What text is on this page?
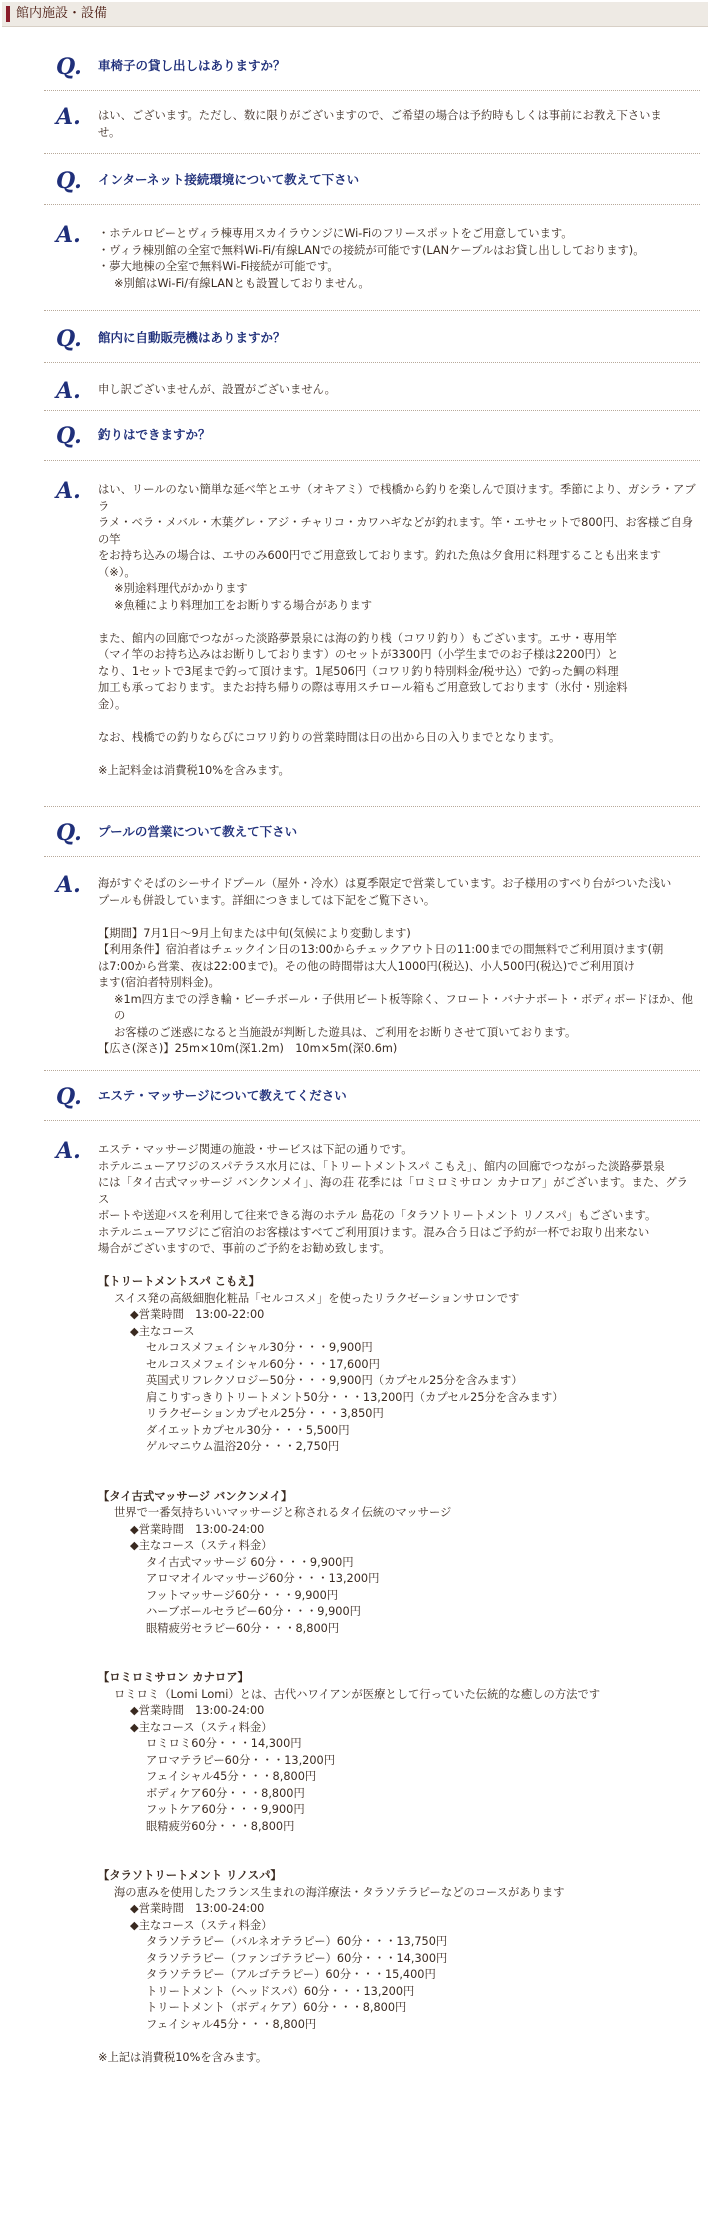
館内施設・設備
Q. 車椅子の貸し出しはありますか？
A. はい、ございます。ただし、数に限りがございますので、ご希望の場合は予約時もしくは事前にお教え下さいま

せ。

Q. インターネット接続環境について教えて下さい
A. ・ホテルロビーとヴィラ棟専用スカイラウンジにWi-Fiのフリースポットをご用意しています。

・ヴィラ棟別館の全室で無料Wi-Fi/有線LANでの接続が可能です(LANケーブルはお貸し出ししております)。

・夢大地棟の全室で無料Wi-Fi接続が可能です。

※別館はWi-Fi/有線LANとも設置しておりません。

Q. 館内に自動販売機はありますか？
A. 申し訳ございませんが、設置がございません。

Q. 釣りはできますか？
A. はい、リールのない簡単な延べ竿とエサ（オキアミ）で桟橋から釣りを楽しんで頂けます。季節により、ガシラ・アブラ

ラメ・ベラ・メバル・木葉グレ・アジ・チャリコ・カワハギなどが釣れます。竿・エサセットで800円、お客様ご自身の竿

をお持ち込みの場合は、エサのみ600円でご用意致しております。釣れた魚は夕食用に料理することも出来ます

（※）。

※別途料理代がかかります

※魚種により料理加工をお断りする場合があります

また、館内の回廊でつながった淡路夢景泉には海の釣り桟（コワリ釣り）もございます。エサ・専用竿

（マイ竿のお持ち込みはお断りしております）のセットが3300円（小学生までのお子様は2200円）と

なり、1セットで3尾まで釣って頂けます。1尾506円（コワリ釣り特別料金/税サ込）で釣った鯛の料理

加工も承っております。またお持ち帰りの際は専用スチロール箱もご用意致しております（氷付・別途料

金）。

なお、桟橋での釣りならびにコワリ釣りの営業時間は日の出から日の入りまでとなります。

※上記料金は消費税10%を含みます。

Q. プールの営業について教えて下さい
A. 海がすぐそばのシーサイドプール（屋外・冷水）は夏季限定で営業しています。お子様用のすべり台がついた浅い

プールも併設しています。詳細につきましては下記をご覧下さい。

【期間】7月1日〜9月上旬または中旬(気候により変動します)

【利用条件】宿泊者はチェックイン日の13:00からチェックアウト日の11:00までの間無料でご利用頂けます(朝

は7:00から営業、夜は22:00まで)。その他の時間帯は大人1000円(税込)、小人500円(税込)でご利用頂け

ます(宿泊者特別料金)。

※1m四方までの浮き輪・ビーチボール・子供用ビート板等除く、フロート・バナナボート・ボディボードほか、他の

お客様のご迷惑になると当施設が判断した遊具は、ご利用をお断りさせて頂いております。

【広さ(深さ)】25m×10m(深1.2m)　10m×5m(深0.6m)

Q. エステ・マッサージについて教えてください
A. エステ・マッサージ関連の施設・サービスは下記の通りです。

ホテルニューアワジのスパテラス水月には、「トリートメントスパ こもえ」、館内の回廊でつながった淡路夢景泉

には「タイ古式マッサージ バンクンメイ」、海の荘 花季には「ロミロミサロン カナロア」がございます。また、グラス

ボートや送迎バスを利用して往来できる海のホテル 島花の「タラソトリートメント リノスパ」もございます。

ホテルニューアワジにご宿泊のお客様はすべてご利用頂けます。混み合う日はご予約が一杯でお取り出来ない

場合がございますので、事前のご予約をお勧め致します。

【トリートメントスパ こもえ】

スイス発の高級細胞化粧品「セルコスメ」を使ったリラクゼーションサロンです

◆営業時間　13:00-22:00

◆主なコース

セルコスメフェイシャル30分・・・9,900円

セルコスメフェイシャル60分・・・17,600円

英国式リフレクソロジー50分・・・9,900円（カプセル25分を含みます）

肩こりすっきりトリートメント50分・・・13,200円（カプセル25分を含みます）

リラクゼーションカプセル25分・・・3,850円

ダイエットカプセル30分・・・5,500円

ゲルマニウム温浴20分・・・2,750円

【タイ古式マッサージ バンクンメイ】

世界で一番気持ちいいマッサージと称されるタイ伝統のマッサージ

◆営業時間　13:00-24:00

◆主なコース（スティ料金）

タイ古式マッサージ 60分・・・9,900円

アロマオイルマッサージ60分・・・13,200円

フットマッサージ60分・・・9,900円

ハーブボールセラピー60分・・・9,900円

眼精疲労セラピー60分・・・8,800円

【ロミロミサロン カナロア】

ロミロミ（Lomi Lomi）とは、古代ハワイアンが医療として行っていた伝統的な癒しの方法です

◆営業時間　13:00-24:00

◆主なコース（スティ料金）

ロミロミ60分・・・14,300円

アロマテラピー60分・・・13,200円

フェイシャル45分・・・8,800円

ボディケア60分・・・8,800円

フットケア60分・・・9,900円

眼精疲労60分・・・8,800円

【タラソトリートメント リノスパ】

海の恵みを使用したフランス生まれの海洋療法・タラソテラピーなどのコースがあります

◆営業時間　13:00-24:00

◆主なコース（スティ料金）

タラソテラピー（バルネオテラピー）60分・・・13,750円

タラソテラピー（ファンゴテラピー）60分・・・14,300円

タラソテラピー（アルゴテラピー）60分・・・15,400円

トリートメント（ヘッドスパ）60分・・・13,200円

トリートメント（ボディケア）60分・・・8,800円

フェイシャル45分・・・8,800円

※上記は消費税10%を含みます。
